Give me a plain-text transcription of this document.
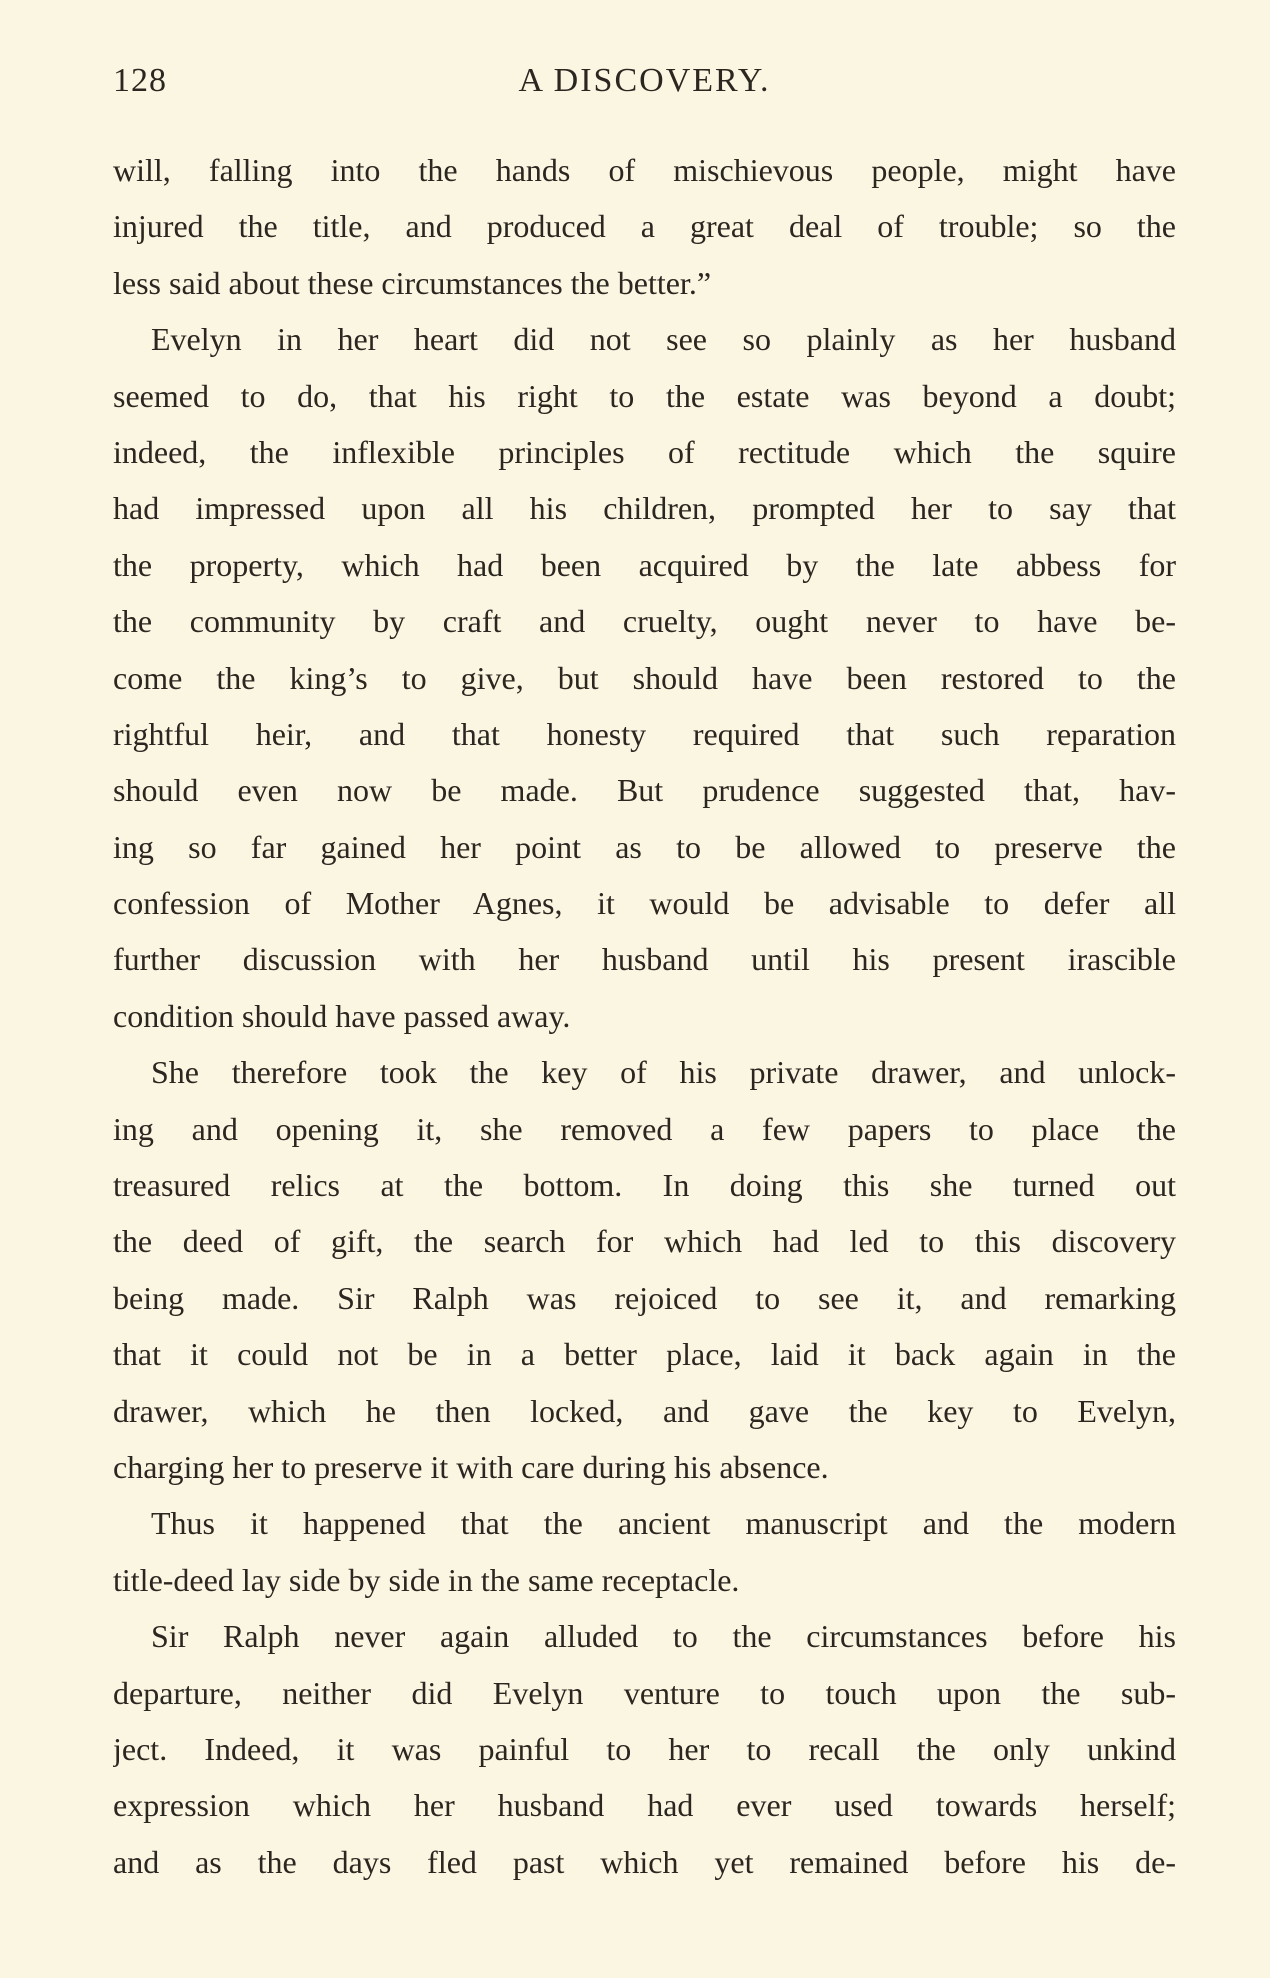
128	A DISCOVERY.
will, falling into the hands of mischievous people, might have
injured the title, and produced a great deal of trouble; so the
less said about these circumstances the better.”
Evelyn in her heart did not see so plainly as her husband
seemed to do, that his right to the estate was beyond a doubt;
indeed, the inflexible principles of rectitude which the squire
had impressed upon all his children, prompted her to say that
the property, which had been acquired by the late abbess for
the community by craft and cruelty, ought never to have be-
come the king’s to give, but should have been restored to the
rightful heir, and that honesty required that such reparation
should even now be made. But prudence suggested that, hav-
ing so far gained her point as to be allowed to preserve the
confession of Mother Agnes, it would be advisable to defer all
further discussion with her husband until his present irascible
condition should have passed away.
She therefore took the key of his private drawer, and unlock-
ing and opening it, she removed a few papers to place the
treasured relics at the bottom. In doing this she turned out
the deed of gift, the search for which had led to this discovery
being made. Sir Ralph was rejoiced to see it, and remarking
that it could not be in a better place, laid it back again in the
drawer, which he then locked, and gave the key to Evelyn,
charging her to preserve it with care during his absence.
Thus it happened that the ancient manuscript and the modern
title-deed lay side by side in the same receptacle.
Sir Ralph never again alluded to the circumstances before his
departure, neither did Evelyn venture to touch upon the sub-
ject. Indeed, it was painful to her to recall the only unkind
expression which her husband had ever used towards herself;
and as the days fled past which yet remained before his de-
